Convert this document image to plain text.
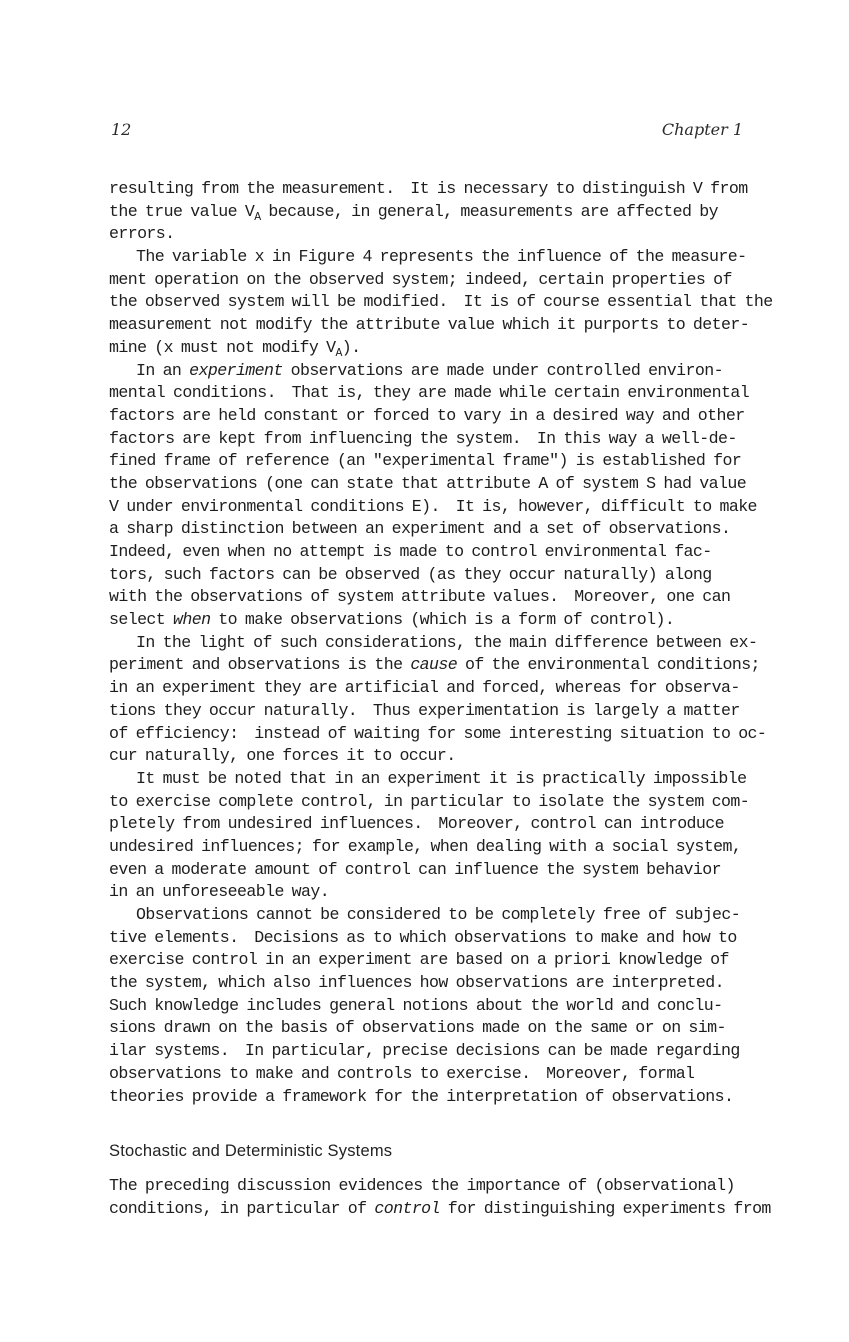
12	Chapter 1
resulting from the measurement.  It is necessary to distinguish V from
the true value $V_A$ because, in general, measurements are affected by
errors.
The variable x in Figure 4 represents the influence of the measure-
ment operation on the observed system; indeed, certain properties of
the observed system will be modified.  It is of course essential that the
measurement not modify the attribute value which it purports to deter-
mine (x must not modify $V_A$).
In an experiment observations are made under controlled environ-
mental conditions.  That is, they are made while certain environmental
factors are held constant or forced to vary in a desired way and other
factors are kept from influencing the system.  In this way a well-de-
fined frame of reference (an "experimental frame") is established for
the observations (one can state that attribute A of system S had value
V under environmental conditions E).  It is, however, difficult to make
a sharp distinction between an experiment and a set of observations.
Indeed, even when no attempt is made to control environmental fac-
tors, such factors can be observed (as they occur naturally) along
with the observations of system attribute values.  Moreover, one can
select when to make observations (which is a form of control).
In the light of such considerations, the main difference between ex-
periment and observations is the cause of the environmental conditions;
in an experiment they are artificial and forced, whereas for observa-
tions they occur naturally.  Thus experimentation is largely a matter
of efficiency:  instead of waiting for some interesting situation to oc-
cur naturally, one forces it to occur.
It must be noted that in an experiment it is practically impossible
to exercise complete control, in particular to isolate the system com-
pletely from undesired influences.  Moreover, control can introduce
undesired influences; for example, when dealing with a social system,
even a moderate amount of control can influence the system behavior
in an unforeseeable way.
Observations cannot be considered to be completely free of subjec-
tive elements.  Decisions as to which observations to make and how to
exercise control in an experiment are based on a priori knowledge of
the system, which also influences how observations are interpreted.
Such knowledge includes general notions about the world and conclu-
sions drawn on the basis of observations made on the same or on sim-
ilar systems.  In particular, precise decisions can be made regarding
observations to make and controls to exercise.  Moreover, formal
theories provide a framework for the interpretation of observations.
Stochastic and Deterministic Systems
The preceding discussion evidences the importance of (observational)
conditions, in particular of control for distinguishing experiments from
